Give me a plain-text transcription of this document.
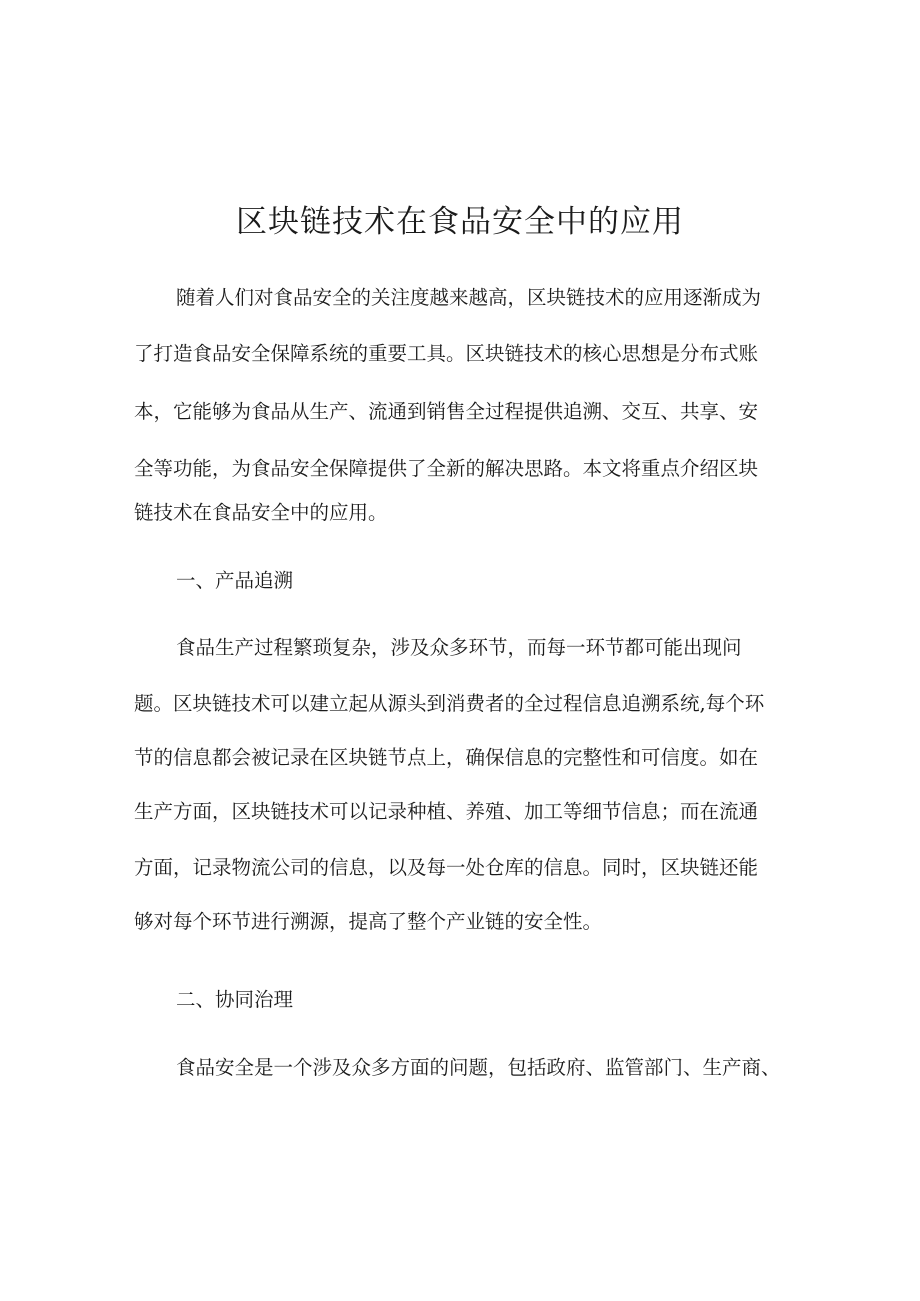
区块链技术在食品安全中的应用

随着人们对食品安全的关注度越来越高，区块链技术的应用逐渐成为

了打造食品安全保障系统的重要工具。区块链技术的核心思想是分布式账

本，它能够为食品从生产、流通到销售全过程提供追溯、交互、共享、安

全等功能，为食品安全保障提供了全新的解决思路。本文将重点介绍区块

链技术在食品安全中的应用。

一、产品追溯

食品生产过程繁琐复杂，涉及众多环节，而每一环节都可能出现问

题。区块链技术可以建立起从源头到消费者的全过程信息追溯系统,每个环

节的信息都会被记录在区块链节点上，确保信息的完整性和可信度。如在

生产方面，区块链技术可以记录种植、养殖、加工等细节信息；而在流通

方面，记录物流公司的信息，以及每一处仓库的信息。同时，区块链还能

够对每个环节进行溯源，提高了整个产业链的安全性。

二、协同治理

食品安全是一个涉及众多方面的问题，包括政府、监管部门、生产商、
